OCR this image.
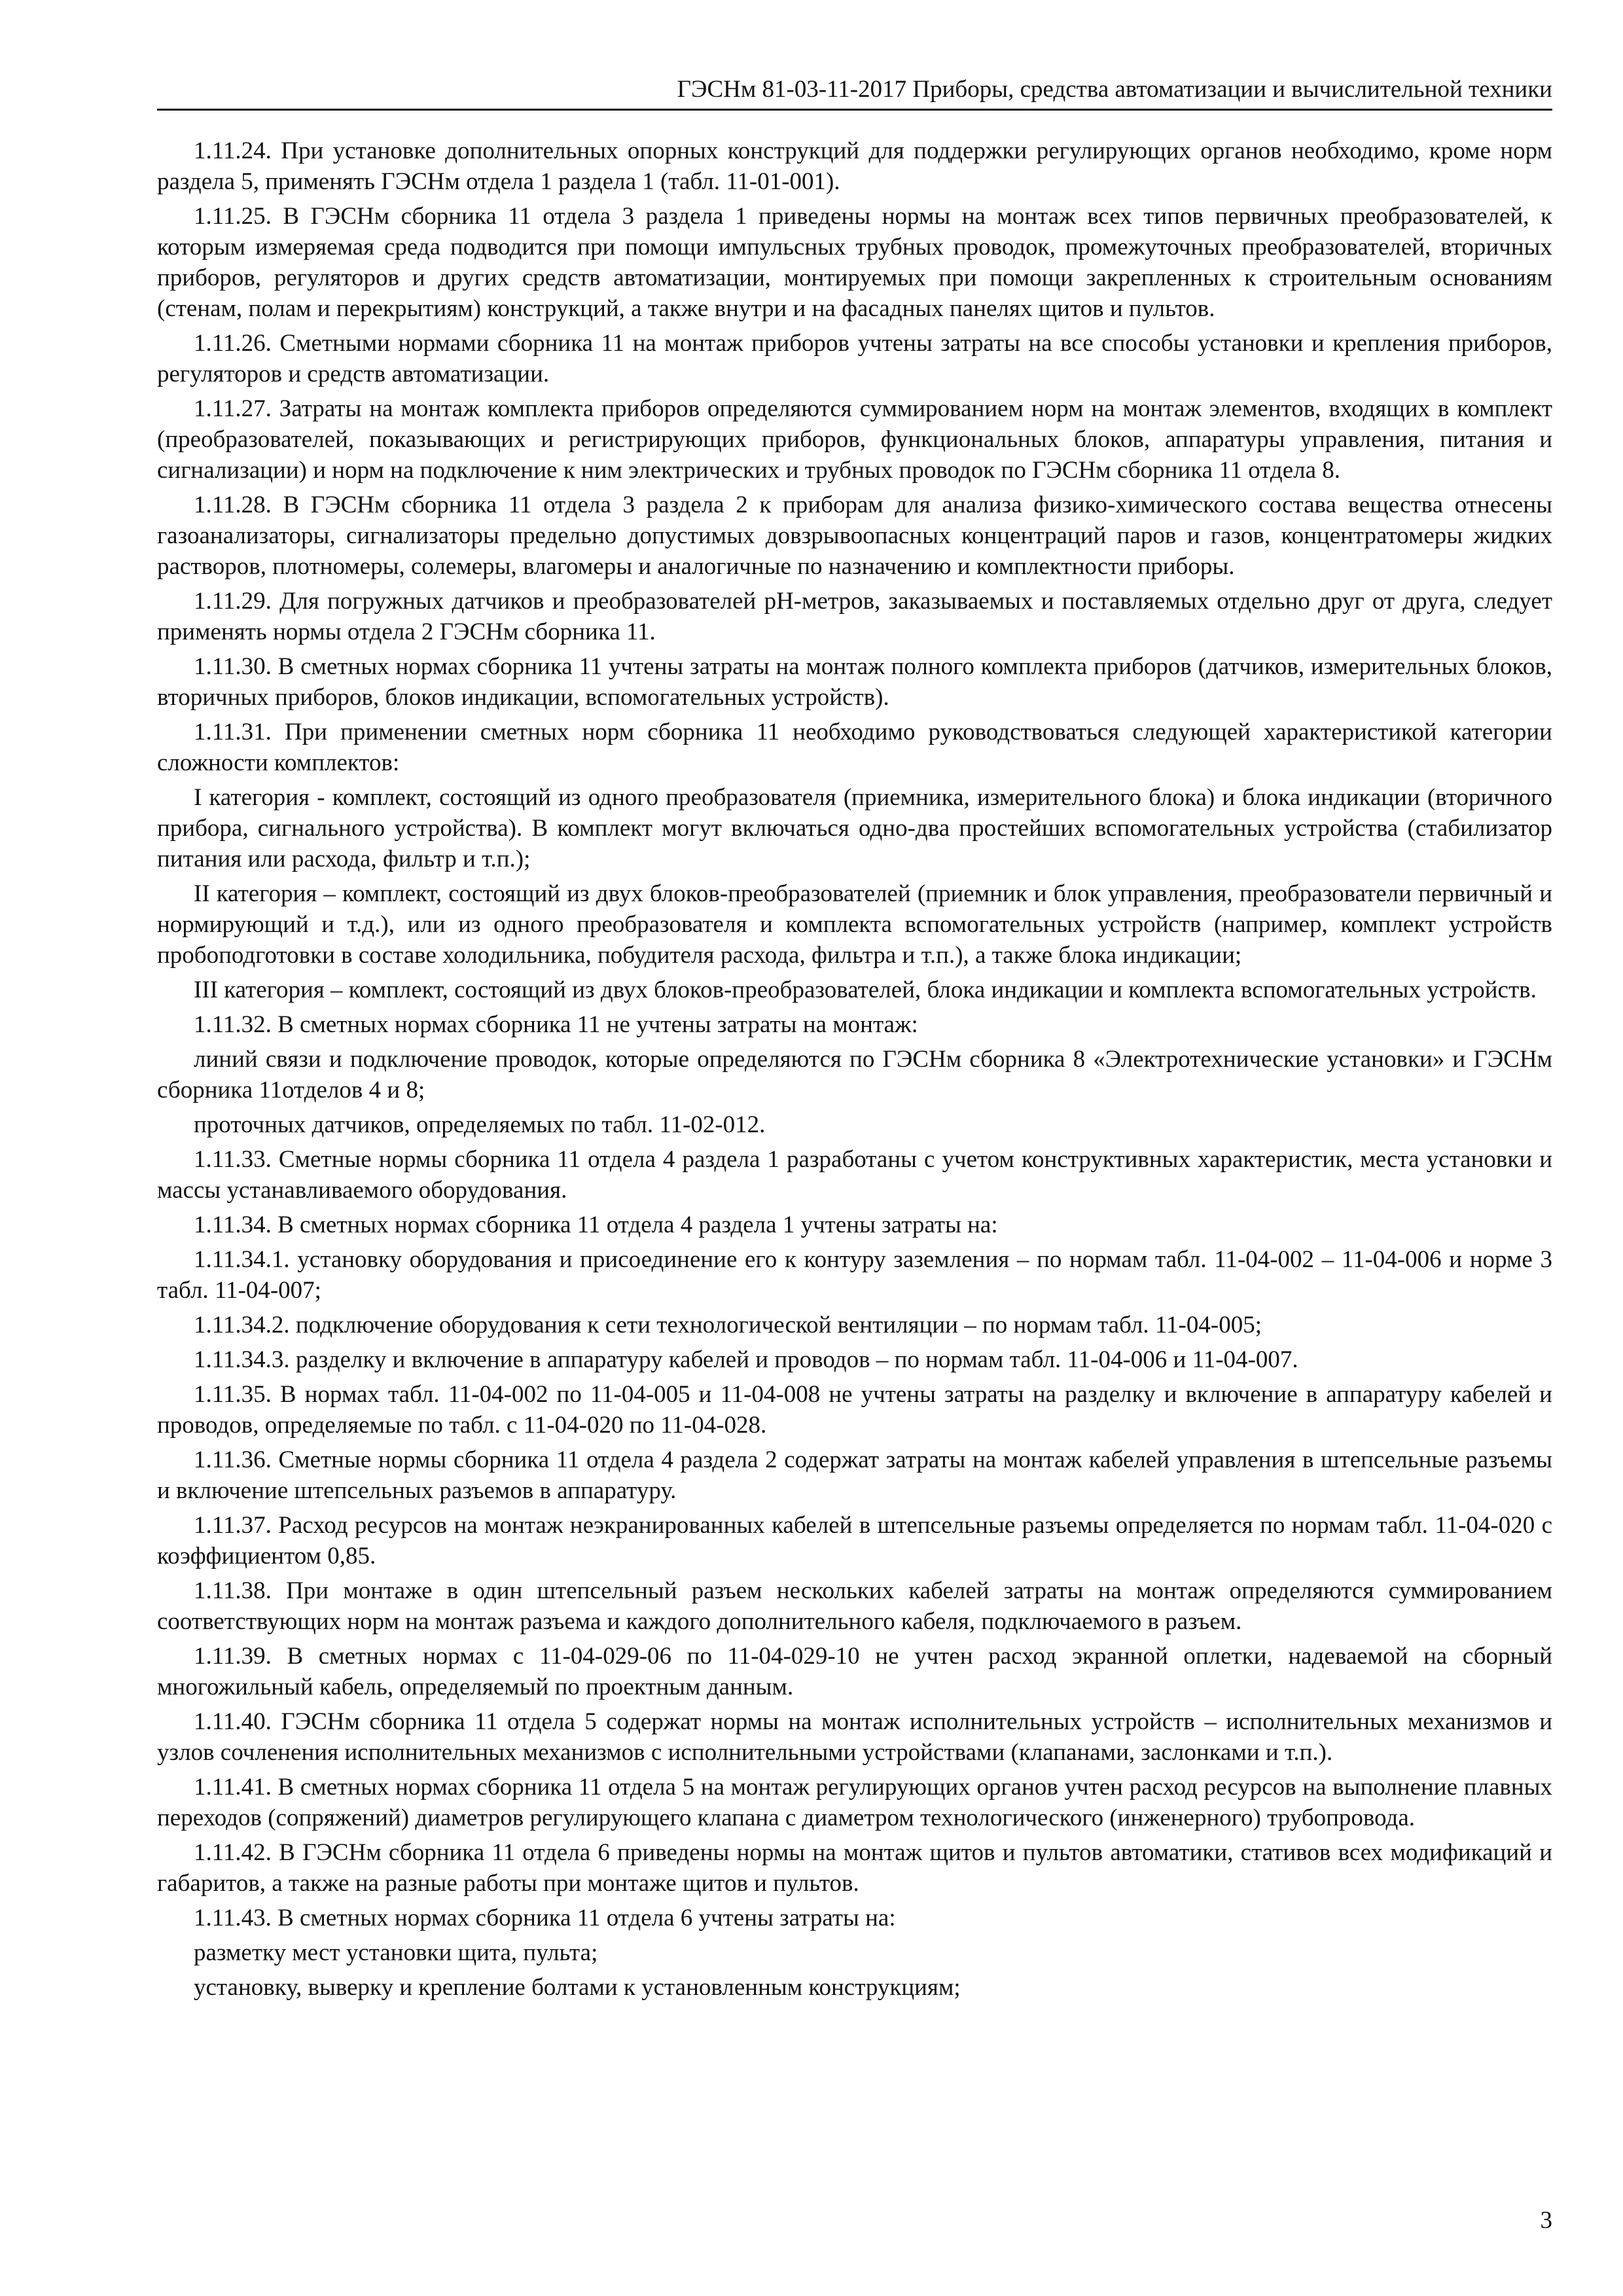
ГЭСНм 81-03-11-2017 Приборы, средства автоматизации и вычислительной техники

1.11.24. При установке дополнительных опорных конструкций для поддержки регулирующих органов необходимо, кроме норм раздела 5, применять ГЭСНм отдела 1 раздела 1 (табл. 11-01-001).

1.11.25. В ГЭСНм сборника 11 отдела 3 раздела 1 приведены нормы на монтаж всех типов первичных преобразователей, к которым измеряемая среда подводится при помощи импульсных трубных проводок, промежуточных преобразователей, вторичных приборов, регуляторов и других средств автоматизации, монтируемых при помощи закрепленных к строительным основаниям (стенам, полам и перекрытиям) конструкций, а также внутри и на фасадных панелях щитов и пультов.

1.11.26. Сметными нормами сборника 11 на монтаж приборов учтены затраты на все способы установки и крепления приборов, регуляторов и средств автоматизации.

1.11.27. Затраты на монтаж комплекта приборов определяются суммированием норм на монтаж элементов, входящих в комплект (преобразователей, показывающих и регистрирующих приборов, функциональных блоков, аппаратуры управления, питания и сигнализации) и норм на подключение к ним электрических и трубных проводок по ГЭСНм сборника 11 отдела 8.

1.11.28. В ГЭСНм сборника 11 отдела 3 раздела 2 к приборам для анализа физико-химического состава вещества отнесены газоанализаторы, сигнализаторы предельно допустимых довзрывоопасных концентраций паров и газов, концентратомеры жидких растворов, плотномеры, солемеры, влагомеры и аналогичные по назначению и комплектности приборы.

1.11.29. Для погружных датчиков и преобразователей pH-метров, заказываемых и поставляемых отдельно друг от друга, следует применять нормы отдела 2 ГЭСНм сборника 11.

1.11.30. В сметных нормах сборника 11 учтены затраты на монтаж полного комплекта приборов (датчиков, измерительных блоков, вторичных приборов, блоков индикации, вспомогательных устройств).

1.11.31. При применении сметных норм сборника 11 необходимо руководствоваться следующей характеристикой категории сложности комплектов:

I категория - комплект, состоящий из одного преобразователя (приемника, измерительного блока) и блока индикации (вторичного прибора, сигнального устройства). В комплект могут включаться одно-два простейших вспомогательных устройства (стабилизатор питания или расхода, фильтр и т.п.);

II категория – комплект, состоящий из двух блоков-преобразователей (приемник и блок управления, преобразователи первичный и нормирующий и т.д.), или из одного преобразователя и комплекта вспомогательных устройств (например, комплект устройств пробоподготовки в составе холодильника, побудителя расхода, фильтра и т.п.), а также блока индикации;

III категория – комплект, состоящий из двух блоков-преобразователей, блока индикации и комплекта вспомогательных устройств.

1.11.32. В сметных нормах сборника 11 не учтены затраты на монтаж:

линий связи и подключение проводок, которые определяются по ГЭСНм сборника 8 «Электротехнические установки» и ГЭСНм сборника 11отделов 4 и 8;

проточных датчиков, определяемых по табл. 11-02-012.

1.11.33. Сметные нормы сборника 11 отдела 4 раздела 1 разработаны с учетом конструктивных характеристик, места установки и массы устанавливаемого оборудования.

1.11.34. В сметных нормах сборника 11 отдела 4 раздела 1 учтены затраты на:

1.11.34.1. установку оборудования и присоединение его к контуру заземления – по нормам табл. 11-04-002 – 11-04-006 и норме 3 табл. 11-04-007;

1.11.34.2. подключение оборудования к сети технологической вентиляции – по нормам табл. 11-04-005;

1.11.34.3. разделку и включение в аппаратуру кабелей и проводов – по нормам табл. 11-04-006 и 11-04-007.

1.11.35. В нормах табл. 11-04-002 по 11-04-005 и 11-04-008 не учтены затраты на разделку и включение в аппаратуру кабелей и проводов, определяемые по табл. с 11-04-020 по 11-04-028.

1.11.36. Сметные нормы сборника 11 отдела 4 раздела 2 содержат затраты на монтаж кабелей управления в штепсельные разъемы и включение штепсельных разъемов в аппаратуру.

1.11.37. Расход ресурсов на монтаж неэкранированных кабелей в штепсельные разъемы определяется по нормам табл. 11-04-020 с коэффициентом 0,85.

1.11.38. При монтаже в один штепсельный разъем нескольких кабелей затраты на монтаж определяются суммированием соответствующих норм на монтаж разъема и каждого дополнительного кабеля, подключаемого в разъем.

1.11.39. В сметных нормах с 11-04-029-06 по 11-04-029-10 не учтен расход экранной оплетки, надеваемой на сборный многожильный кабель, определяемый по проектным данным.

1.11.40. ГЭСНм сборника 11 отдела 5 содержат нормы на монтаж исполнительных устройств – исполнительных механизмов и узлов сочленения исполнительных механизмов с исполнительными устройствами (клапанами, заслонками и т.п.).

1.11.41. В сметных нормах сборника 11 отдела 5 на монтаж регулирующих органов учтен расход ресурсов на выполнение плавных переходов (сопряжений) диаметров регулирующего клапана с диаметром технологического (инженерного) трубопровода.

1.11.42. В ГЭСНм сборника 11 отдела 6 приведены нормы на монтаж щитов и пультов автоматики, стативов всех модификаций и габаритов, а также на разные работы при монтаже щитов и пультов.

1.11.43. В сметных нормах сборника 11 отдела 6 учтены затраты на:

разметку мест установки щита, пульта;

установку, выверку и крепление болтами к установленным конструкциям;

3
